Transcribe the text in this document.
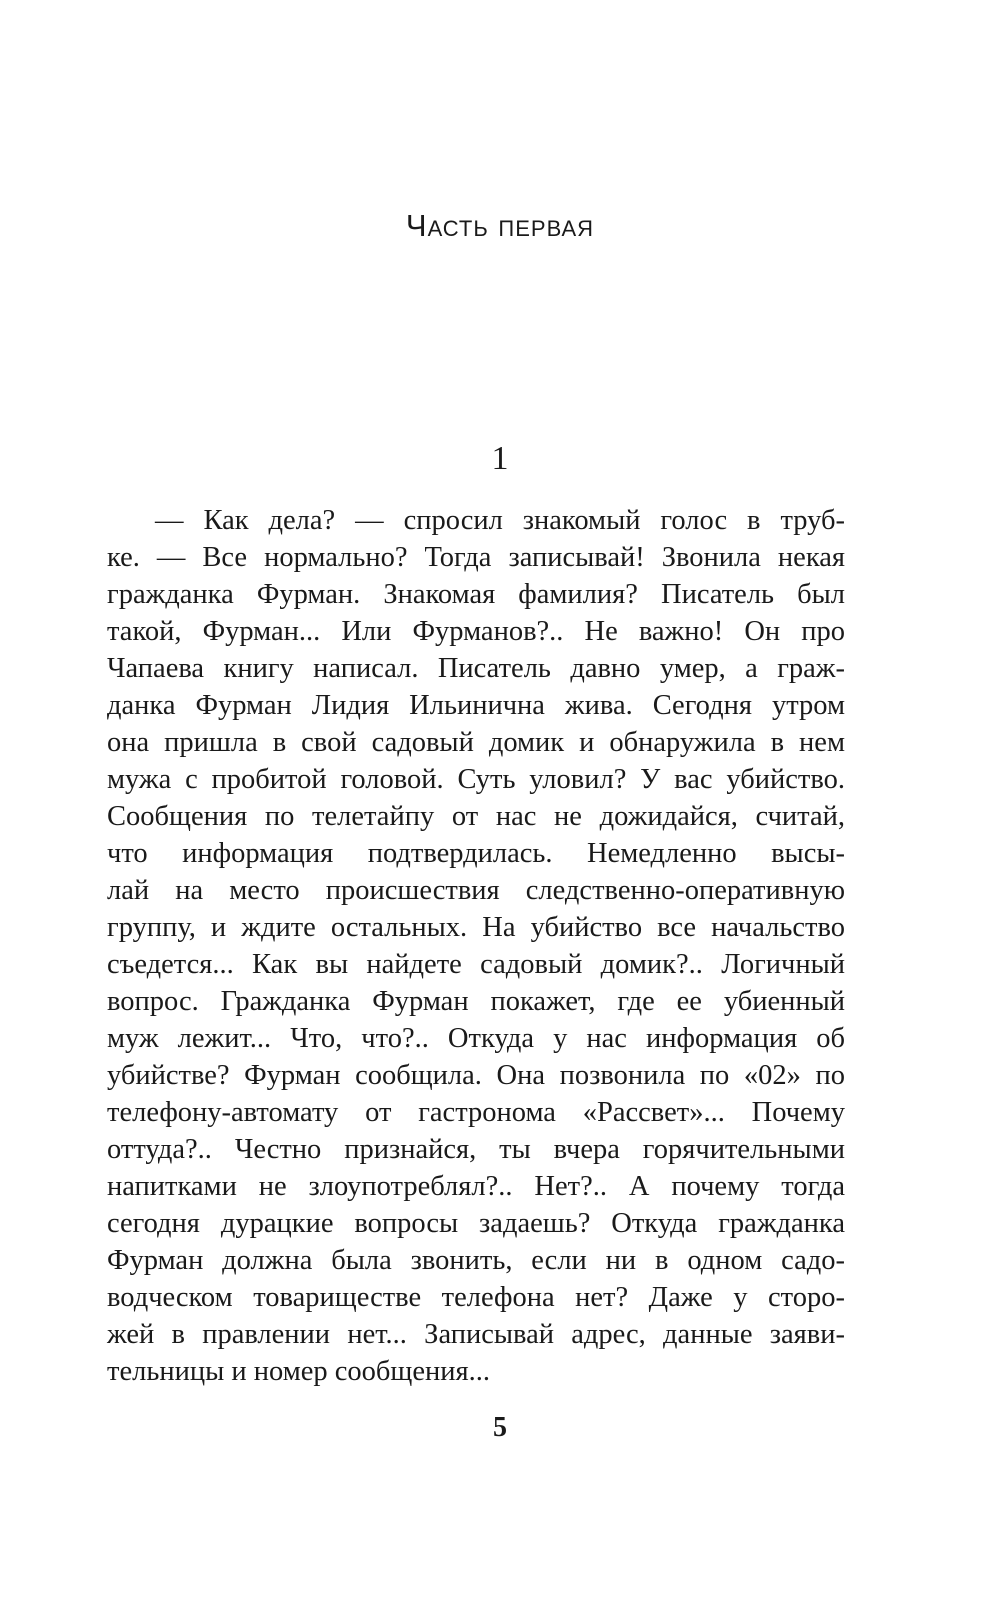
Часть первая
1
— Как дела? — спросил знакомый голос в труб-
ке. — Все нормально? Тогда записывай! Звонила некая
гражданка Фурман. Знакомая фамилия? Писатель был
такой, Фурман... Или Фурманов?.. Не важно! Он про
Чапаева книгу написал. Писатель давно умер, а граж-
данка Фурман Лидия Ильинична жива. Сегодня утром
она пришла в свой садовый домик и обнаружила в нем
мужа с пробитой головой. Суть уловил? У вас убийство.
Сообщения по телетайпу от нас не дожидайся, считай,
что информация подтвердилась. Немедленно высы-
лай на место происшествия следственно-оперативную
группу, и ждите остальных. На убийство все начальство
съедется... Как вы найдете садовый домик?.. Логичный
вопрос. Гражданка Фурман покажет, где ее убиенный
муж лежит... Что, что?.. Откуда у нас информация об
убийстве? Фурман сообщила. Она позвонила по «02» по
телефону-автомату от гастронома «Рассвет»... Почему
оттуда?.. Честно признайся, ты вчера горячительными
напитками не злоупотреблял?.. Нет?.. А почему тогда
сегодня дурацкие вопросы задаешь? Откуда гражданка
Фурман должна была звонить, если ни в одном садо-
водческом товариществе телефона нет? Даже у сторо-
жей в правлении нет... Записывай адрес, данные заяви-
тельницы и номер сообщения...
5
